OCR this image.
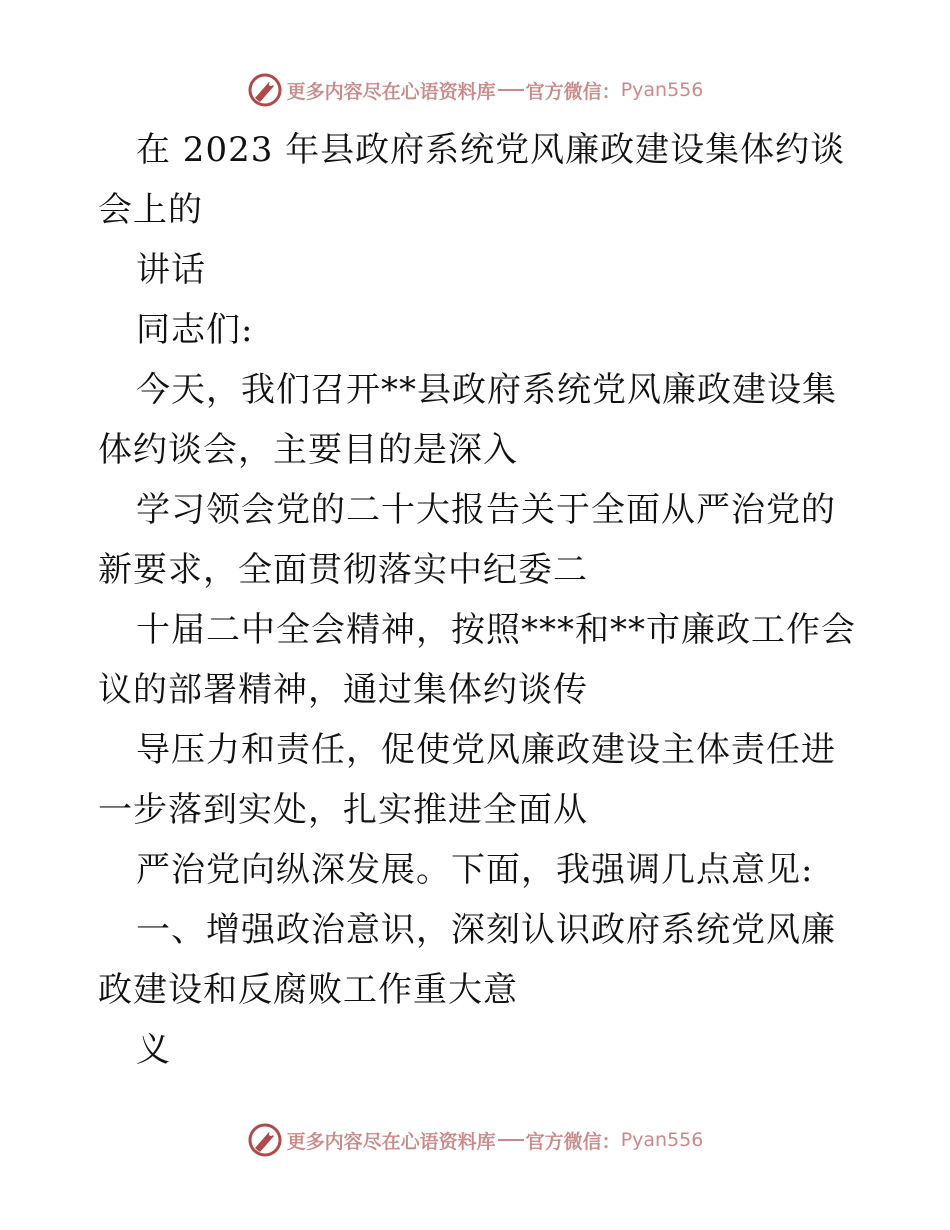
更多内容尽在心语资料库 官方微信： Pyan556

在 2023 年县政府系统党风廉政建设集体约谈会上的

讲话

同志们:

今天，我们召开**县政府系统党风廉政建设集体约谈会，主要目的是深入

学习领会党的二十大报告关于全面从严治党的新要求，全面贯彻落实中纪委二

十届二中全会精神，按照***和**市廉政工作会议的部署精神，通过集体约谈传

导压力和责任，促使党风廉政建设主体责任进一步落到实处，扎实推进全面从

严治党向纵深发展。下面，我强调几点意见:

一、增强政治意识，深刻认识政府系统党风廉政建设和反腐败工作重大意

义

更多内容尽在心语资料库 官方微信： Pyan556
